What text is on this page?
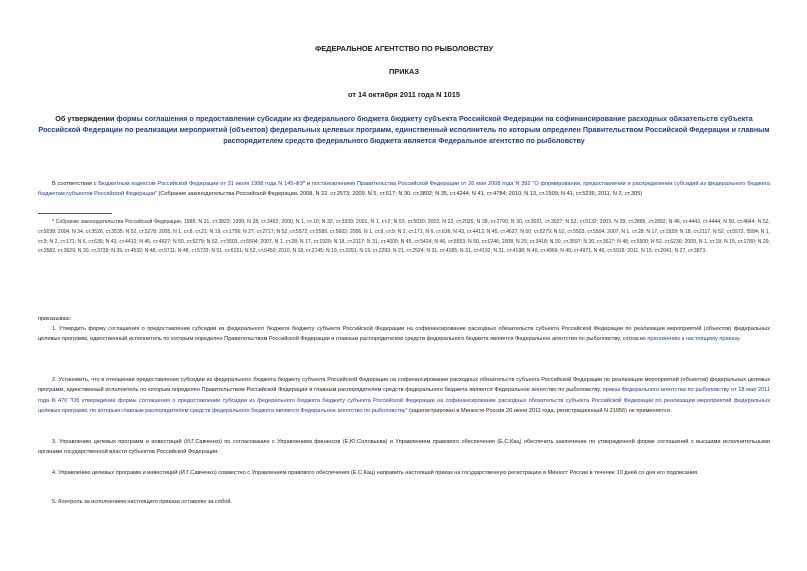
ФЕДЕРАЛЬНОЕ АГЕНТСТВО ПО РЫБОЛОВСТВУ
ПРИКАЗ
от 14 октября 2011 года N 1015
Об утверждении формы соглашения о предоставлении субсидии из федерального бюджета бюджету субъекта Российской Федерации на софинансирование расходных обязательств субъекта Российской Федерации по реализации мероприятий (объектов) федеральных целевых программ, единственный исполнитель по которым определен Правительством Российской Федерации и главным распорядителем средств федерального бюджета является Федеральное агентство по рыболовству
В соответствии с Бюджетным кодексом Российской Федерации от 31 июля 1998 года N 145-ФЗ* и постановлением Правительства Российской Федерации от 26 мая 2008 года N 392 "О формировании, предоставлении и распределении субсидий из федерального бюджета бюджетам субъектов Российской Федерации" (Собрание законодательства Российской Федерации, 2008, N 22, ст.2573; 2009, N 5, ст.617; N 30, ст.3802; N 35, ст.4244; N 41, ст.4784; 2010, N 13, ст.1509; N 41, ст.5236; 2011, N 2, ст.305)
* Собрание законодательства Российской Федерации, 1998, N 31, ст.3823; 1999, N 28, ст.3492; 2000, N 1, ст.10; N 32, ст.3339; 2001, N 1, ст.2; N 53, ст.5030; 2002, N 22, ст.2026; N 28, ст.2790; N 30, ст.3021, ст.3027; N 52, ст.5132; 2003, N 28, ст.2886, ст.2892; N 46, ст.4443, ст.4444; N 50, ст.4844; N 52, ст.5038; 2004, N 34, ст.3526, ст.3535; N 52, ст.5278; 2005, N 1, ст.8, ст.21; N 19, ст.1756; N 27, ст.2717; N 52, ст.5572, ст.5589, ст.5602; 2006, N 1, ст.8, ст.9; N 2, ст.171; N 6, ст.636; N 43, ст.4412; N 45, ст.4627; N 50, ст.5279; N 52, ст.5503, ст.5504; 2007, N 1, ст.28; N 17, ст.1929; N 18, ст.2117; N 52, ст.5572, 5584; N 1, ст.9; N 2, ст.171; N 6, ст.636; N 43, ст.4412; N 45, ст.4627; N 50, ст.5279; N 52, ст.5503, ст.5504; 2007, N 1, ст.28; N 17, ст.1929; N 18, ст.2117; N 31, ст.4009; N 45, ст.5424; N 46, ст.5553; N 50, ст.6246; 2008, N 29, ст.3418; N 30, ст.3597; N 30, ст.3617; N 48, ст.5500; N 52, ст.6236; 2009, N 1, ст.18; N 15, ст.1780; N 29, ст.3582, ст.3629; N 30, ст.3739; N 39, ст.4532; N 48, ст.5711; N 48, ст.5733; N 51, ст.6151; N 52, ст.6450; 2010, N 18, ст.2145; N 19, ст.2291; N 19, ст.2293; N 21, ст.2524; N 31, ст.4185; N 31, ст.4192; N 31, ст.4198; N 40, ст.4969; N 40, ст.4971; N 46, ст.5918; 2011, N 15, ст.2041; N 27, ст.3873.
приказываю:
1. Утвердить форму соглашения о предоставлении субсидии из федерального бюджета бюджету субъекта Российской Федерации на софинансирование расходных обязательств субъекта Российской Федерации по реализации мероприятий (объектов) федеральных целевых программ, единственный исполнитель по которым определен Правительством Российской Федерации и главным распорядителем средств федерального бюджета является Федеральное агентство по рыболовству, согласно приложению к настоящему приказу.
2. Установить, что в отношении предоставления субсидии из федерального бюджета бюджету субъекта Российской Федерации на софинансирование расходных обязательств субъекта Российской Федерации по реализации мероприятий (объектов) федеральных целевых программ, единственный исполнитель по которым определен Правительством Российской Федерации и главным распорядителем средств федерального бюджета является Федеральное агентство по рыболовству, приказ Федерального агентства по рыболовству от 18 мая 2011 года N 470 "Об утверждении формы соглашения о предоставлении субсидии из федерального бюджета бюджету субъекта Российской Федерации на софинансирование расходных обязательств субъекта Российской Федерации по реализации мероприятий федеральных целевых программ, по которым главным распорядителем средств федерального бюджета является Федеральное агентство по рыболовству" (зарегистрирован в Минюсте России 20 июня 2011 года, регистрационный N 21056) не применяется.
3. Управлению целевых программ и инвестиций (И.Г.Савченко) по согласованию с Управлением финансов (Е.Ю.Соловьева) и Управлением правового обеспечения (Е.С.Кац) обеспечить заключение по утвержденной форме соглашений с высшими исполнительными органами государственной власти субъектов Российской Федерации.
4. Управлению целевых программ и инвестиций (И.Г.Савченко) совместно с Управлением правового обеспечения (Е.С.Кац) направить настоящий приказ на государственную регистрацию в Минюст России в течение 10 дней со дня его подписания.
5. Контроль за исполнением настоящего приказа оставляю за собой.
